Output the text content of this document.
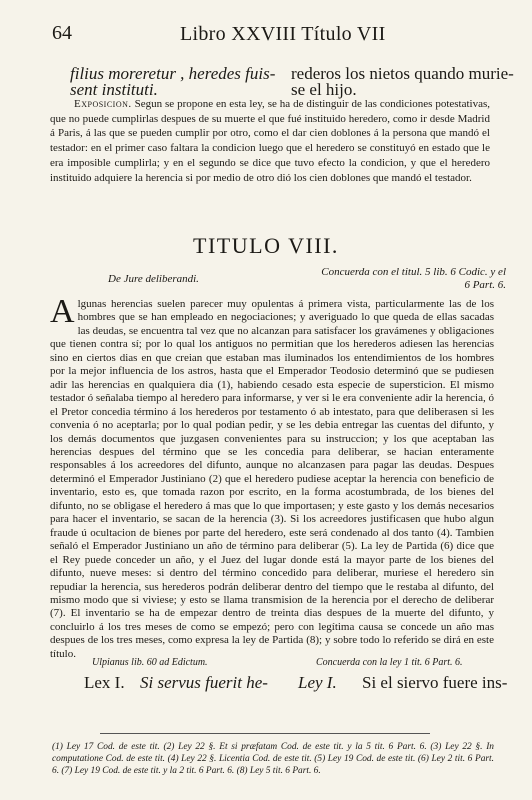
64	Libro XXVIII Título VII
filius moreretur , heredes fuis- rederos los nietos quando murie-
sent instituti.	se el hijo.
Exposicion. Segun se propone en esta ley, se ha de distinguir de las condiciones potestativas, que no puede cumplirlas despues de su muerte el que fué instituido heredero, como ir desde Madrid á Paris, á las que se pueden cumplir por otro, como el dar cien doblones á la persona que mandó el testador: en el primer caso faltara la condicion luego que el heredero se constituyó en estado que le era imposible cumplirla; y en el segundo se dice que tuvo efecto la condicion, y que el heredero instituido adquiere la herencia si por medio de otro dió los cien doblones que mandó el testador.
TITULO VIII.
De Jure deliberandi.
Concuerda con el titul. 5 lib. 6 Codic. y el 6 Part. 6.
Algunas herencias suelen parecer muy opulentas á primera vista, particularmente las de los hombres que se han empleado en negociaciones; y averiguado lo que queda de ellas sacadas las deudas, se encuentra tal vez que no alcanzan para satisfacer los gravámenes y obligaciones que tienen contra sí; por lo qual los antiguos no permitian que los herederos adiesen las herencias sino en ciertos dias en que creian que estaban mas iluminados los entendimientos de los hombres por la mejor influencia de los astros, hasta que el Emperador Teodosio determinó que se pudiesen adir las herencias en qualquiera dia (1), habiendo cesado esta especie de supersticion. El mismo testador ó señalaba tiempo al heredero para informarse, y ver si le era conveniente adir la herencia, ó el Pretor concedia término á los herederos por testamento ó ab intestato, para que deliberasen si les convenia ó no aceptarla; por lo qual podian pedir, y se les debia entregar las cuentas del difunto, y los demás documentos que juzgasen convenientes para su instruccion; y los que aceptaban las herencias despues del término que se les concedia para deliberar, se hacian enteramente responsables á los acreedores del difunto, aunque no alcanzasen para pagar las deudas. Despues determinó el Emperador Justiniano (2) que el heredero pudiese aceptar la herencia con beneficio de inventario, esto es, que tomada razon por escrito, en la forma acostumbrada, de los bienes del difunto, no se obligase el heredero á mas que lo que importasen; y este gasto y los demás necesarios para hacer el inventario, se sacan de la herencia (3). Si los acreedores justificasen que hubo algun fraude ú ocultacion de bienes por parte del heredero, este será condenado al dos tanto (4). Tambien señaló el Emperador Justiniano un año de término para deliberar (5). La ley de Partida (6) dice que el Rey puede conceder un año, y el Juez del lugar donde está la mayor parte de los bienes del difunto, nueve meses: si dentro del término concedido para deliberar, muriese el heredero sin repudiar la herencia, sus herederos podrán deliberar dentro del tiempo que le restaba al difunto, del mismo modo que si viviese; y esto se llama transmision de la herencia por el derecho de deliberar (7). El inventario se ha de empezar dentro de treinta dias despues de la muerte del difunto, y concluirlo á los tres meses de como se empezó; pero con legítima causa se concede un año mas despues de los tres meses, como expresa la ley de Partida (8); y sobre todo lo referido se dirá en este título.
Ulpianus lib. 60 ad Edictum.	Concuerda con la ley 1 tit. 6 Part. 6.
Lex I. Si servus fuerit he- Ley I. Si el siervo fuere ins-
(1) Ley 17 Cod. de este tit. (2) Ley 22 §. Et si præfatam Cod. de este tit. y la 5 tit. 6 Part. 6. (3) Ley 22 §. In computatione Cod. de este tit. (4) Ley 22 §. Licentia Cod. de este tit. (5) Ley 19 Cod. de este tit. (6) Ley 2 tit. 6 Part. 6. (7) Ley 19 Cod. de este tit. y la 2 tit. 6 Part. 6. (8) Ley 5 tit. 6 Part. 6.
